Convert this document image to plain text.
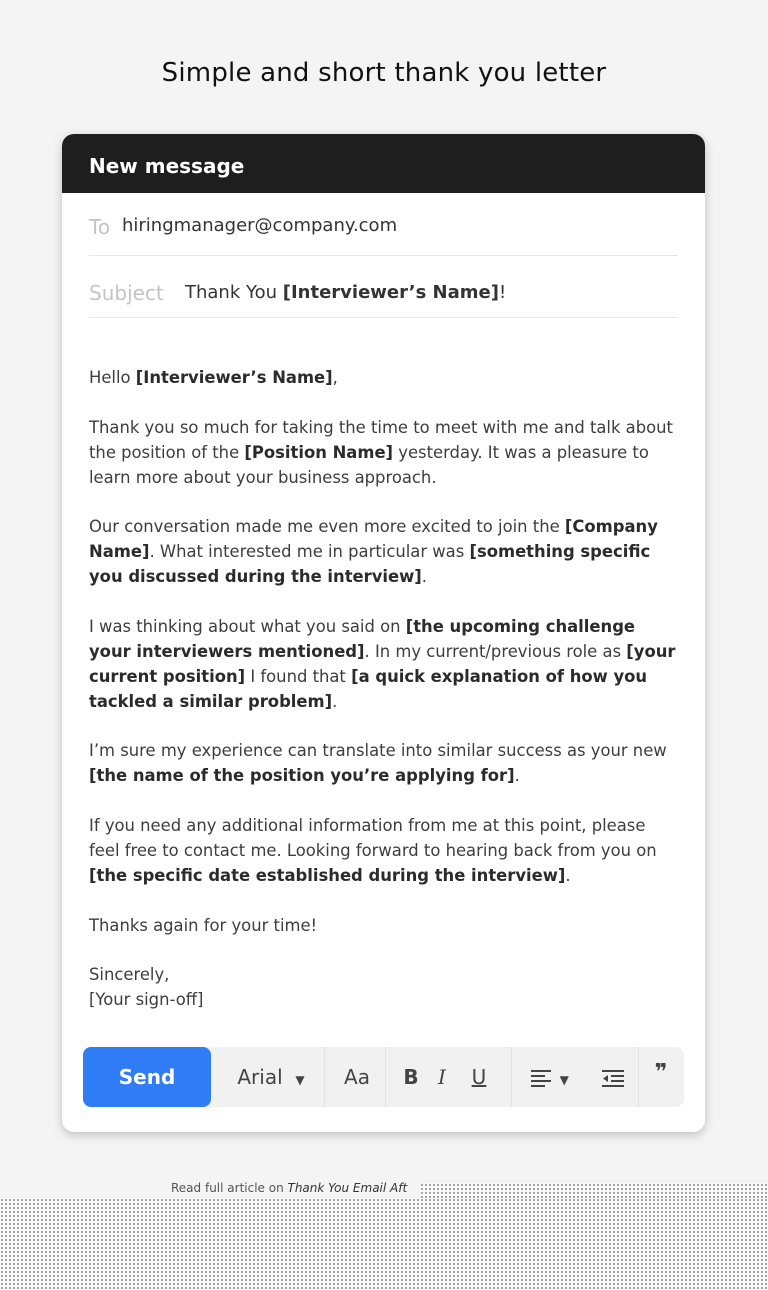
Simple and short thank you letter
New message
To hiringmanager@company.com
Subject Thank You [Interviewer’s Name]!

Hello [Interviewer’s Name],

Thank you so much for taking the time to meet with me and talk about the position of the [Position Name] yesterday. It was a pleasure to learn more about your business approach.

Our conversation made me even more excited to join the [Company Name]. What interested me in particular was [something specific you discussed during the interview].

I was thinking about what you said on [the upcoming challenge your interviewers mentioned]. In my current/previous role as [your current position] I found that [a quick explanation of how you tackled a similar problem].

I’m sure my experience can translate into similar success as your new [the name of the position you’re applying for].

If you need any additional information from me at this point, please feel free to contact me. Looking forward to hearing back from you on [the specific date established during the interview].

Thanks again for your time!

Sincerely,
[Your sign-off]

Send	Arial ▼	Aa	B I	U	▼	❞
Read full article on Thank You Email Aft
